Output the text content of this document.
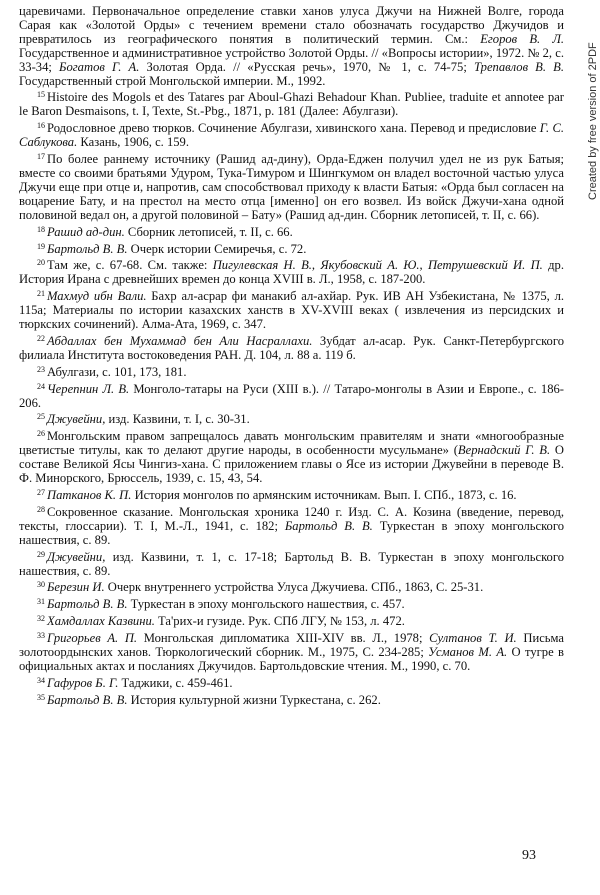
царевичами. Первоначальное определение ставки ханов улуса Джучи на Нижней Волге, города Сарая как «Золотой Орды» с течением времени стало обозначать государство Джучидов и превратилось из географического понятия в политический термин. См.: Егоров В. Л. Государственное и административное устройство Золотой Орды. // «Вопросы истории», 1972. № 2, с. 33-34; Богатов Г. А. Золотая Орда. // «Русская речь», 1970, № 1, с. 74-75; Трепавлов В. В. Государственный строй Монгольской империи. М., 1992.

$^{15}$ Histoire des Mogols et des Tatares par Aboul-Ghazi Behadour Khan. Publiee, traduite et annotee par le Baron Desmaisons, t. I, Texte, St.-Pbg., 1871, p. 181 (Далее: Абулгази).

$^{16}$ Родословное древо тюрков. Сочинение Абулгази, хивинского хана. Перевод и предисловие Г. С. Саблукова. Казань, 1906, с. 159.

$^{17}$ По более раннему источнику (Рашид ад-дину), Орда-Еджен получил удел не из рук Батыя; вместе со своими братьями Удуром, Тука-Тимуром и Шингкумом он владел восточной частью улуса Джучи еще при отце и, напротив, сам способствовал приходу к власти Батыя: «Орда был согласен на воцарение Бату, и на престол на место отца [именно] он его возвел. Из войск Джучи-хана одной половиной ведал он, а другой половиной – Бату» (Рашид ад-дин. Сборник летописей, т. II, с. 66).

$^{18}$ Рашид ад-дин. Сборник летописей, т. II, с. 66.

$^{19}$ Бартольд В. В. Очерк истории Семиречья, с. 72.

$^{20}$ Там же, с. 67-68. См. также: Пигулевская Н. В., Якубовский А. Ю., Петрушевский И. П. др. История Ирана с древнейших времен до конца XVIII в. Л., 1958, с. 187-200.

$^{21}$ Махмуд ибн Вали. Бахр ал-асрар фи манакиб ал-ахйар. Рук. ИВ АН Узбекистана, № 1375, л. 115а; Материалы по истории казахских ханств в XV-XVIII веках ( извлечения из персидских и тюркских сочинений). Алма-Ата, 1969, с. 347.

$^{22}$ Абдаллах бен Мухаммад бен Али Насраллахи. Зубдат ал-асар. Рук. Санкт-Петербургского филиала Института востоковедения РАН. Д. 104, л. 88 а. 119 б.

$^{23}$ Абулгази, с. 101, 173, 181.

$^{24}$ Черепнин Л. В. Монголо-татары на Руси (XIII в.). // Татаро-монголы в Азии и Европе., с. 186-206.

$^{25}$ Джувейни, изд. Казвини, т. I, с. 30-31.

$^{26}$ Монгольским правом запрещалось давать монгольским правителям и знати «многообразные цветистые титулы, как то делают другие народы, в особенности мусульмане» (Вернадский Г. В. О составе Великой Ясы Чингиз-хана. С приложением главы о Ясе из истории Джувейни в переводе В. Ф. Минорского, Брюссель, 1939, с. 15, 43, 54.

$^{27}$ Патканов К. П. История монголов по армянским источникам. Вып. I. СПб., 1873, с. 16.

$^{28}$ Сокровенное сказание. Монгольская хроника 1240 г. Изд. С. А. Козина (введение, перевод, тексты, глоссарии). Т. I, М.-Л., 1941, с. 182; Бартольд В. В. Туркестан в эпоху монгольского нашествия, с. 89.

$^{29}$ Джувейни, изд. Казвини, т. 1, с. 17-18; Бартольд В. В. Туркестан в эпоху монгольского нашествия, с. 89.

$^{30}$ Березин И. Очерк внутреннего устройства Улуса Джучиева. СПб., 1863, С. 25-31.

$^{31}$ Бартольд В. В. Туркестан в эпоху монгольского нашествия, с. 457.

$^{32}$ Хамдаллах Казвини. Та'рих-и гузиде. Рук. СПб ЛГУ, № 153, л. 472.

$^{33}$ Григорьев А. П. Монгольская дипломатика XIII-XIV вв. Л., 1978; Султанов Т. И. Письма золотоордынских ханов. Тюркологический сборник. М., 1975, С. 234-285; Усманов М. А. О тугре в официальных актах и посланиях Джучидов. Бартольдовские чтения. М., 1990, с. 70.

$^{34}$ Гафуров Б. Г. Таджики, с. 459-461.

$^{35}$ Бартольд В. В. История культурной жизни Туркестана, с. 262.

93
Created by free version of 2PDF
